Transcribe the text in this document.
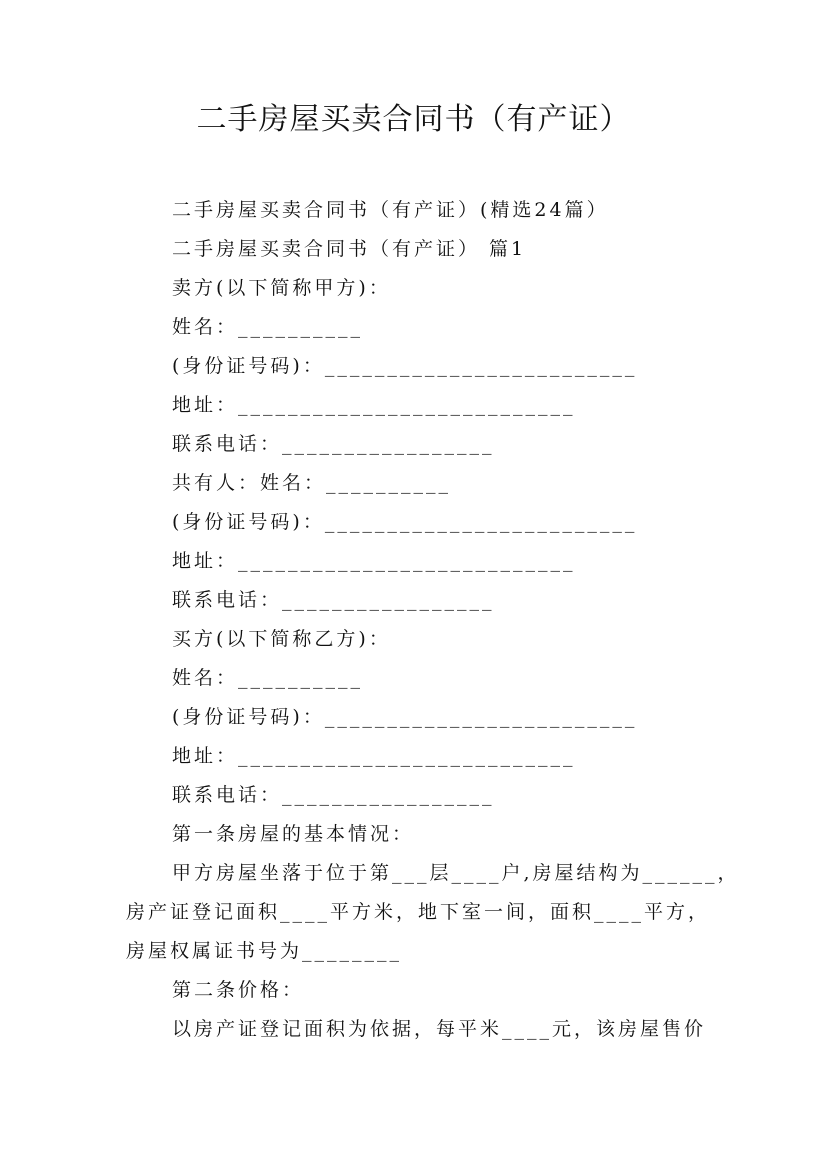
二手房屋买卖合同书（有产证）
二手房屋买卖合同书（有产证）(精选24篇）
二手房屋买卖合同书（有产证） 篇1
卖方(以下简称甲方)：
姓名：__________
(身份证号码)：_________________________
地址：___________________________
联系电话：_________________
共有人：姓名：__________
(身份证号码)：_________________________
地址：___________________________
联系电话：_________________
买方(以下简称乙方)：
姓名：__________
(身份证号码)：_________________________
地址：___________________________
联系电话：_________________
第一条房屋的基本情况：
甲方房屋坐落于位于第___层____户,房屋结构为______，
房产证登记面积____平方米，地下室一间，面积____平方，
房屋权属证书号为________
第二条价格：
以房产证登记面积为依据，每平米____元，该房屋售价
